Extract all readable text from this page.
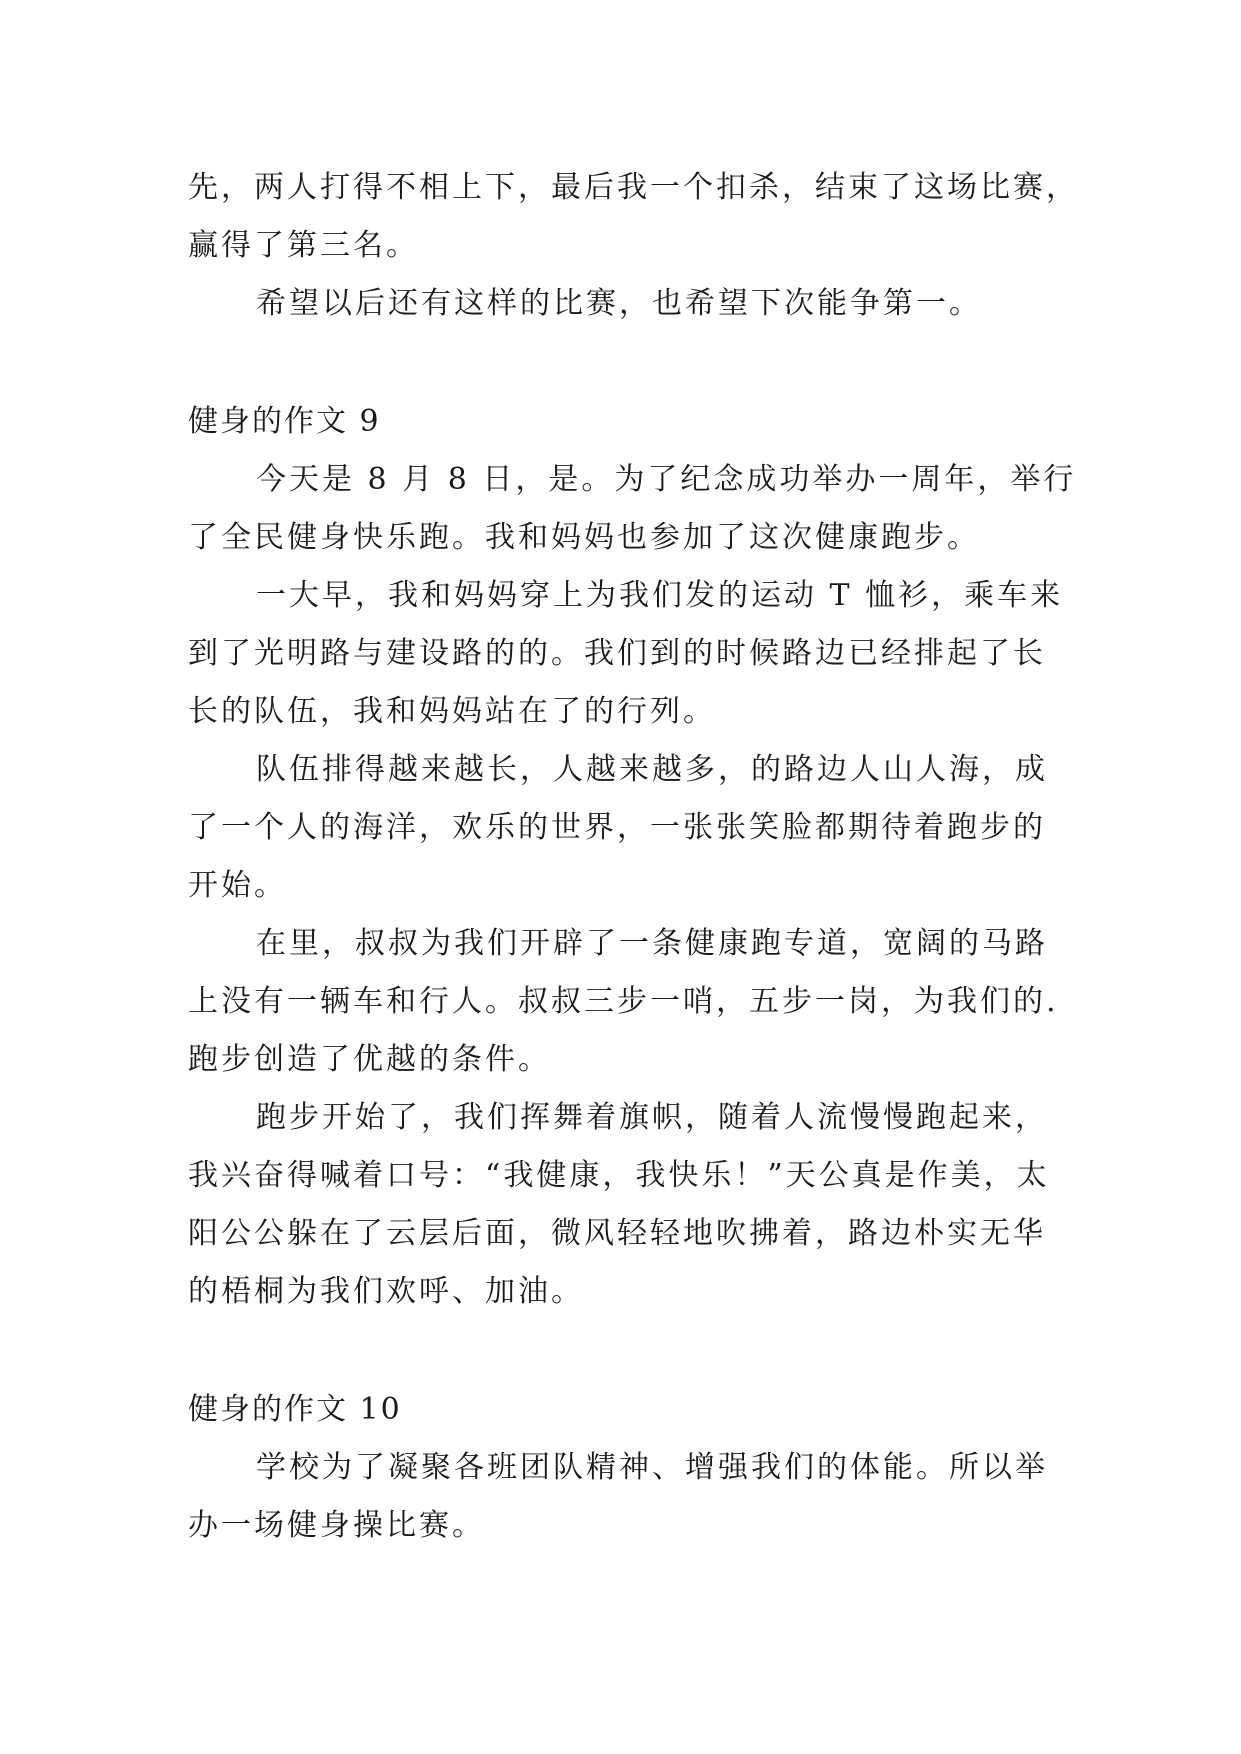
先，两人打得不相上下，最后我一个扣杀，结束了这场比赛，
赢得了第三名。
希望以后还有这样的比赛，也希望下次能争第一。
健身的作文 9
今天是 8 月 8 日，是。为了纪念成功举办一周年，举行
了全民健身快乐跑。我和妈妈也参加了这次健康跑步。
一大早，我和妈妈穿上为我们发的运动 T 恤衫，乘车来
到了光明路与建设路的的。我们到的时候路边已经排起了长
长的队伍，我和妈妈站在了的行列。
队伍排得越来越长，人越来越多，的路边人山人海，成
了一个人的海洋，欢乐的世界，一张张笑脸都期待着跑步的
开始。
在里，叔叔为我们开辟了一条健康跑专道，宽阔的马路
上没有一辆车和行人。叔叔三步一哨，五步一岗，为我们的.
跑步创造了优越的条件。
跑步开始了，我们挥舞着旗帜，随着人流慢慢跑起来，
我兴奋得喊着口号：“我健康，我快乐！”天公真是作美，太
阳公公躲在了云层后面，微风轻轻地吹拂着，路边朴实无华
的梧桐为我们欢呼、加油。
健身的作文 10
学校为了凝聚各班团队精神、增强我们的体能。所以举
办一场健身操比赛。
